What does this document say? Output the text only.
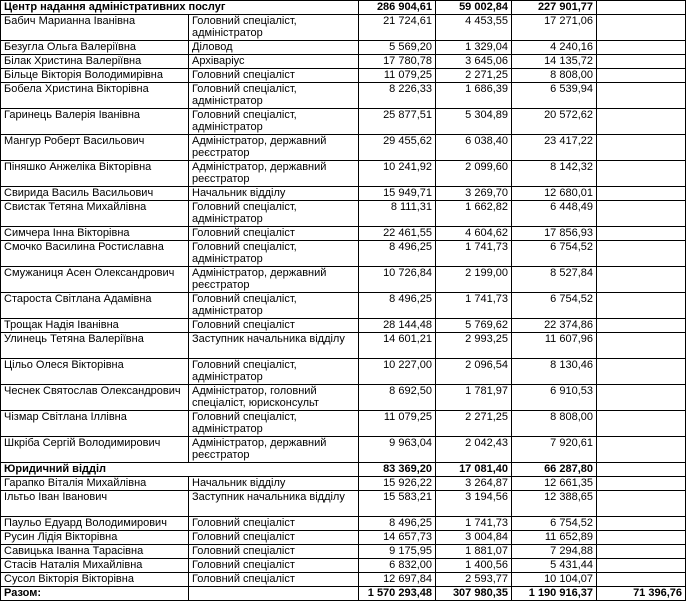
Центр надання адміністративних послуг		286 904,61	59 002,84	227 901,77	
Бабич Марианна Іванівна	Головний спеціаліст, адміністратор	21 724,61	4 453,55	17 271,06	
Безугла Ольга Валеріївна	Діловод	5 569,20	1 329,04	4 240,16	
Білак Христина Валеріївна	Архіваріус	17 780,78	3 645,06	14 135,72	
Більце Вікторія Володимирівна	Головний спеціаліст	11 079,25	2 271,25	8 808,00	
Бобела Христина Вікторівна	Головний спеціаліст, адміністратор	8 226,33	1 686,39	6 539,94	
Гаринець Валерія Іванівна	Головний спеціаліст, адміністратор	25 877,51	5 304,89	20 572,62	
Мангур Роберт Васильович	Адміністратор, державний реєстратор	29 455,62	6 038,40	23 417,22	
Піняшко Анжеліка Вікторівна	Адміністратор, державний реєстратор	10 241,92	2 099,60	8 142,32	
Свирида Василь Васильович	Начальник відділу	15 949,71	3 269,70	12 680,01	
Свистак Тетяна Михайлівна	Головний спеціаліст, адміністратор	8 111,31	1 662,82	6 448,49	
Симчера Інна Вікторівна	Головний спеціаліст	22 461,55	4 604,62	17 856,93	
Смочко Василина Ростиславна	Головний спеціаліст, адміністратор	8 496,25	1 741,73	6 754,52	
Смужаниця Асен Олександрович	Адміністратор, державний реєстратор	10 726,84	2 199,00	8 527,84	
Староста Світлана Адамівна	Головний спеціаліст, адміністратор	8 496,25	1 741,73	6 754,52	
Трощак Надія Іванівна	Головний спеціаліст	28 144,48	5 769,62	22 374,86	
Улинець Тетяна Валеріївна	Заступник начальника відділу	14 601,21	2 993,25	11 607,96	
Цільо Олеся Вікторівна	Головний спеціаліст, адміністратор	10 227,00	2 096,54	8 130,46	
Чеснек Святослав Олександрович	Адміністратор, головний спеціаліст, юрисконсульт	8 692,50	1 781,97	6 910,53	
Чізмар Світлана Іллівна	Головний спеціаліст, адміністратор	11 079,25	2 271,25	8 808,00	
Шкріба Сергій Володимирович	Адміністратор, державний реєстратор	9 963,04	2 042,43	7 920,61	
Юридичний відділ		83 369,20	17 081,40	66 287,80	
Гарапко Віталія Михайлівна	Начальник відділу	15 926,22	3 264,87	12 661,35	
Ільтьо Іван Іванович	Заступник начальника відділу	15 583,21	3 194,56	12 388,65	
Паульо Едуард Володимирович	Головний спеціаліст	8 496,25	1 741,73	6 754,52	
Русин Лідія Вікторівна	Головний спеціаліст	14 657,73	3 004,84	11 652,89	
Савицька Іванна Тарасівна	Головний спеціаліст	9 175,95	1 881,07	7 294,88	
Стасів Наталія Михайлівна	Головний спеціаліст	6 832,00	1 400,56	5 431,44	
Сусол Вікторія Вікторівна	Головний спеціаліст	12 697,84	2 593,77	10 104,07	
Разом:		1 570 293,48	307 980,35	1 190 916,37	71 396,76
